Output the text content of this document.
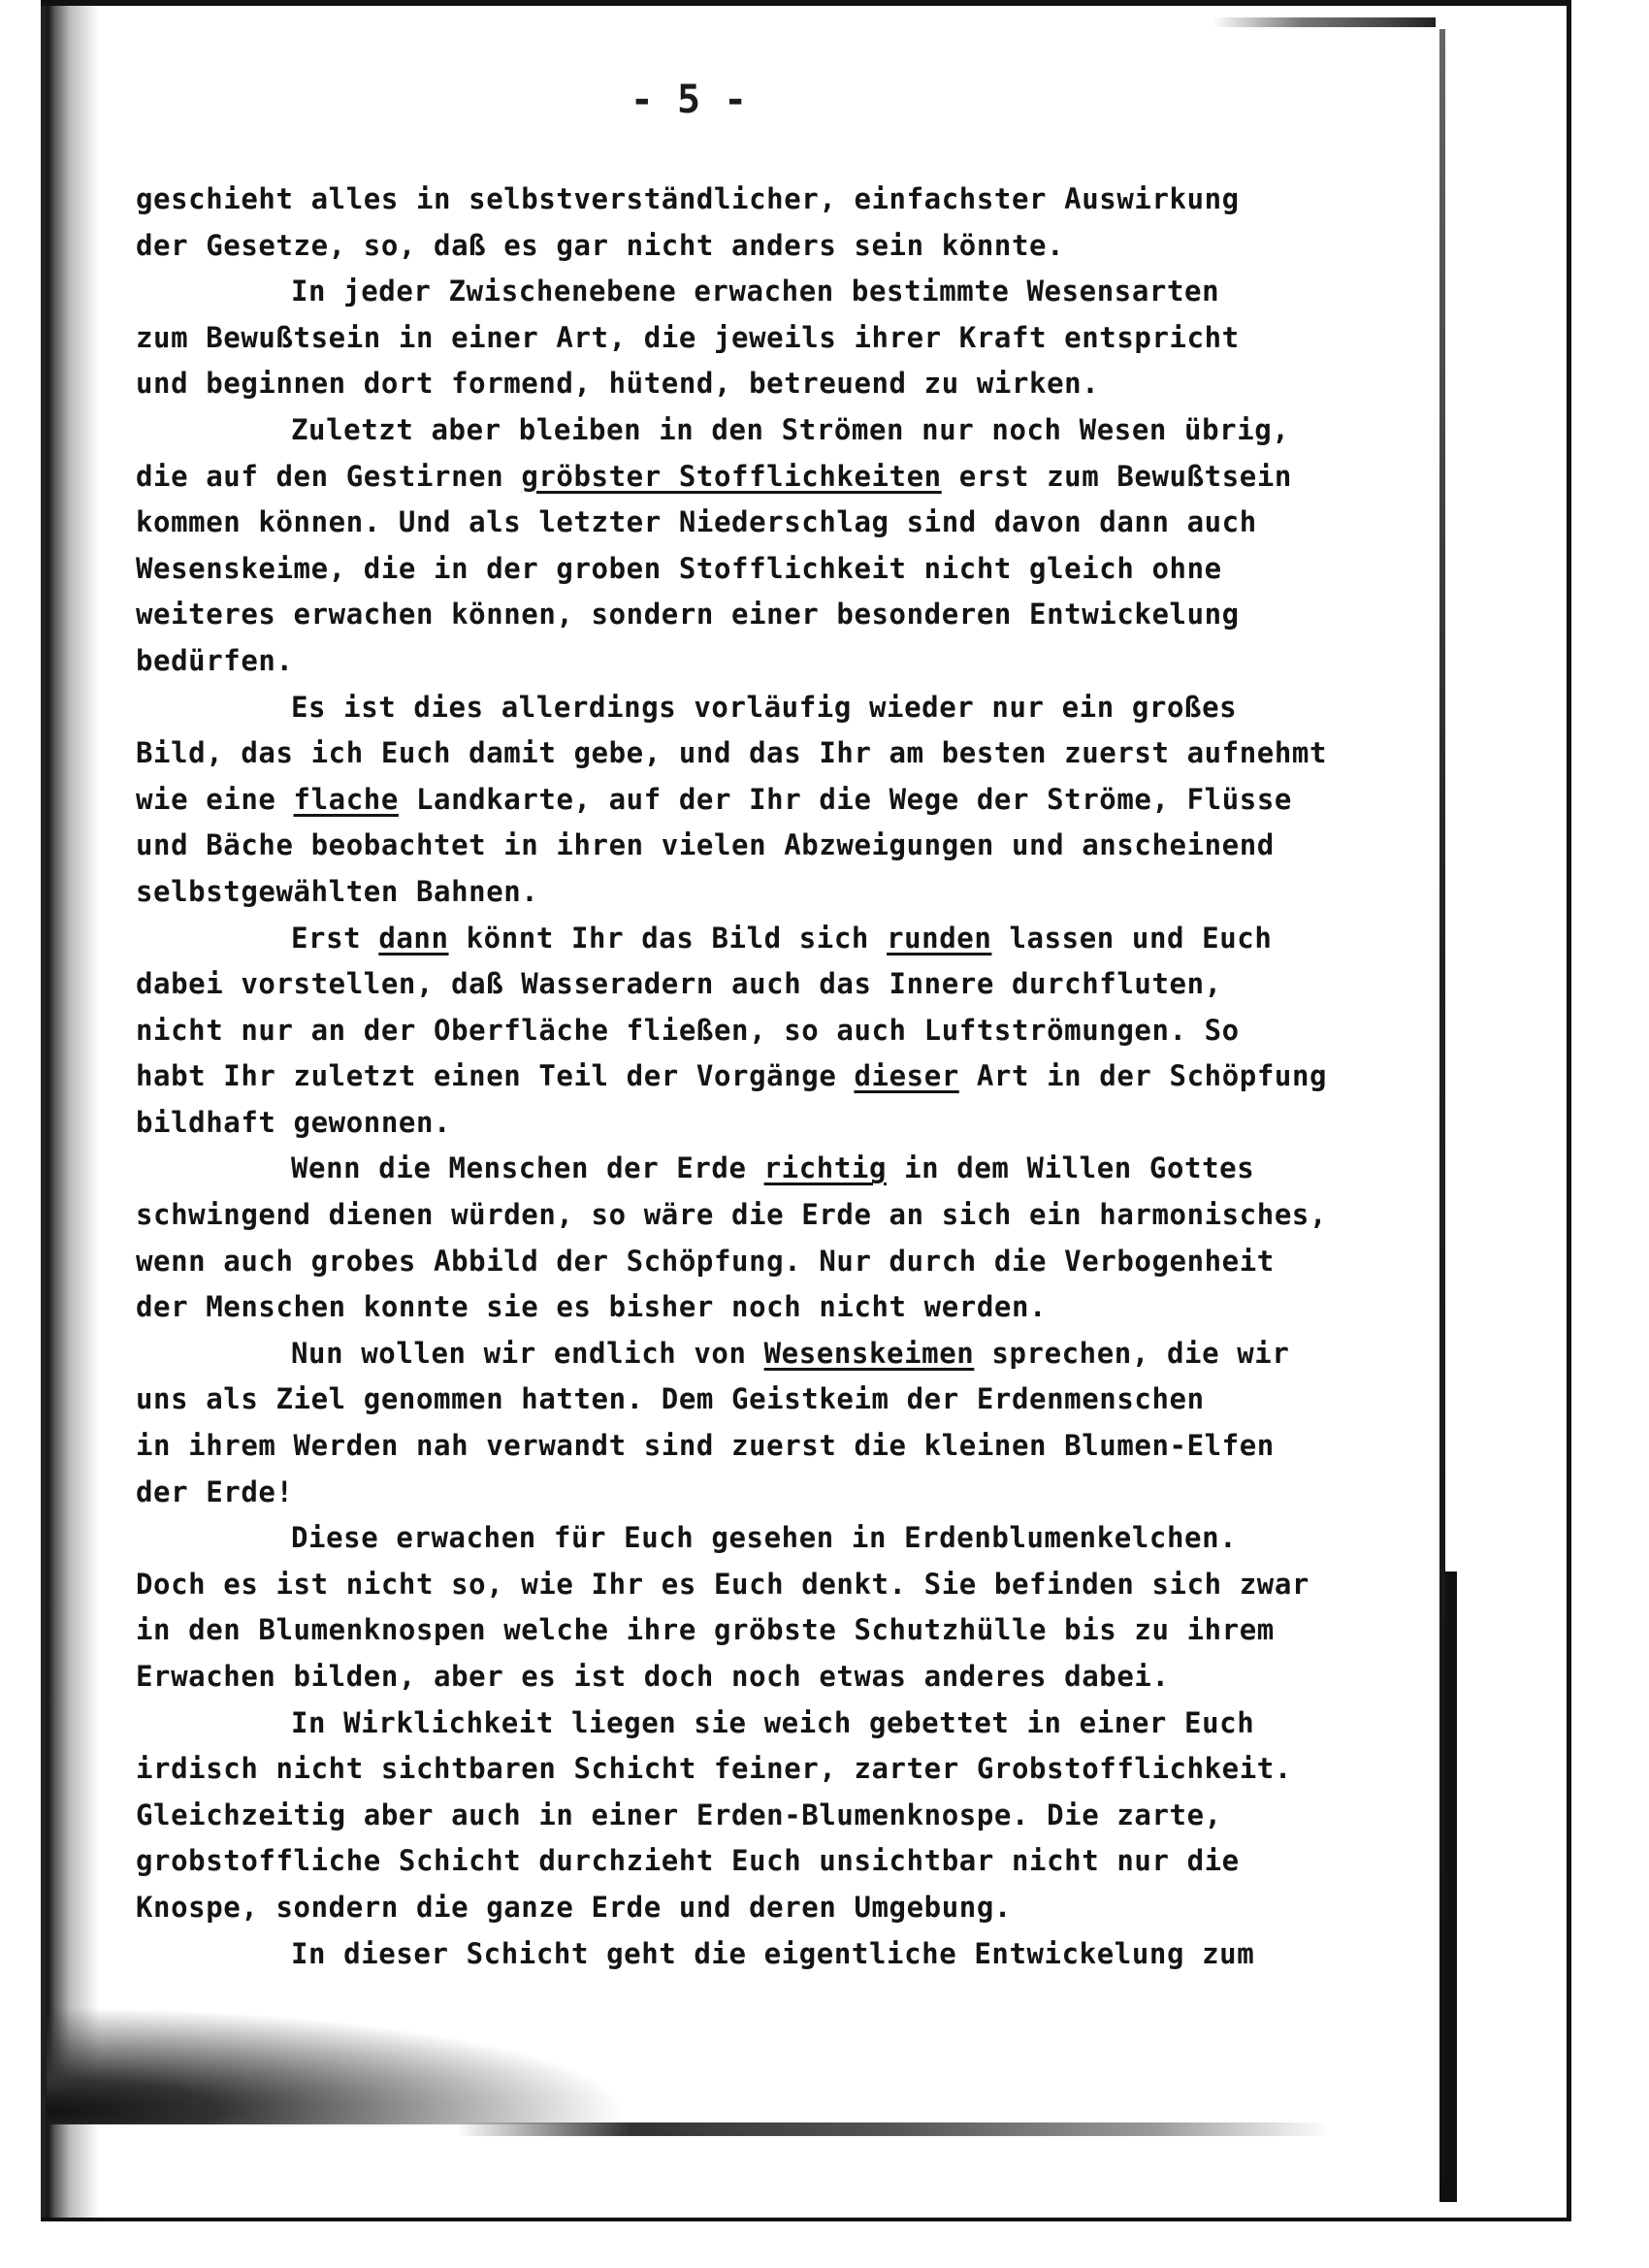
- 5 -
geschieht alles in selbstverständlicher, einfachster Auswirkung
der Gesetze, so, daß es gar nicht anders sein könnte.
In jeder Zwischenebene erwachen bestimmte Wesensarten
zum Bewußtsein in einer Art, die jeweils ihrer Kraft entspricht
und beginnen dort formend, hütend, betreuend zu wirken.
Zuletzt aber bleiben in den Strömen nur noch Wesen übrig,
die auf den Gestirnen gröbster Stofflichkeiten erst zum Bewußtsein
kommen können. Und als letzter Niederschlag sind davon dann auch
Wesenskeime, die in der groben Stofflichkeit nicht gleich ohne
weiteres erwachen können, sondern einer besonderen Entwickelung
bedürfen.
Es ist dies allerdings vorläufig wieder nur ein großes
Bild, das ich Euch damit gebe, und das Ihr am besten zuerst aufnehmt
wie eine flache Landkarte, auf der Ihr die Wege der Ströme, Flüsse
und Bäche beobachtet in ihren vielen Abzweigungen und anscheinend
selbstgewählten Bahnen.
Erst dann könnt Ihr das Bild sich runden lassen und Euch
dabei vorstellen, daß Wasseradern auch das Innere durchfluten,
nicht nur an der Oberfläche fließen, so auch Luftströmungen. So
habt Ihr zuletzt einen Teil der Vorgänge dieser Art in der Schöpfung
bildhaft gewonnen.
Wenn die Menschen der Erde richtig in dem Willen Gottes
schwingend dienen würden, so wäre die Erde an sich ein harmonisches,
wenn auch grobes Abbild der Schöpfung. Nur durch die Verbogenheit
der Menschen konnte sie es bisher noch nicht werden.
Nun wollen wir endlich von Wesenskeimen sprechen, die wir
uns als Ziel genommen hatten. Dem Geistkeim der Erdenmenschen
in ihrem Werden nah verwandt sind zuerst die kleinen Blumen-Elfen
der Erde!
Diese erwachen für Euch gesehen in Erdenblumenkelchen.
Doch es ist nicht so, wie Ihr es Euch denkt. Sie befinden sich zwar
in den Blumenknospen welche ihre gröbste Schutzhülle bis zu ihrem
Erwachen bilden, aber es ist doch noch etwas anderes dabei.
In Wirklichkeit liegen sie weich gebettet in einer Euch
irdisch nicht sichtbaren Schicht feiner, zarter Grobstofflichkeit.
Gleichzeitig aber auch in einer Erden-Blumenknospe. Die zarte,
grobstoffliche Schicht durchzieht Euch unsichtbar nicht nur die
Knospe, sondern die ganze Erde und deren Umgebung.
In dieser Schicht geht die eigentliche Entwickelung zum
